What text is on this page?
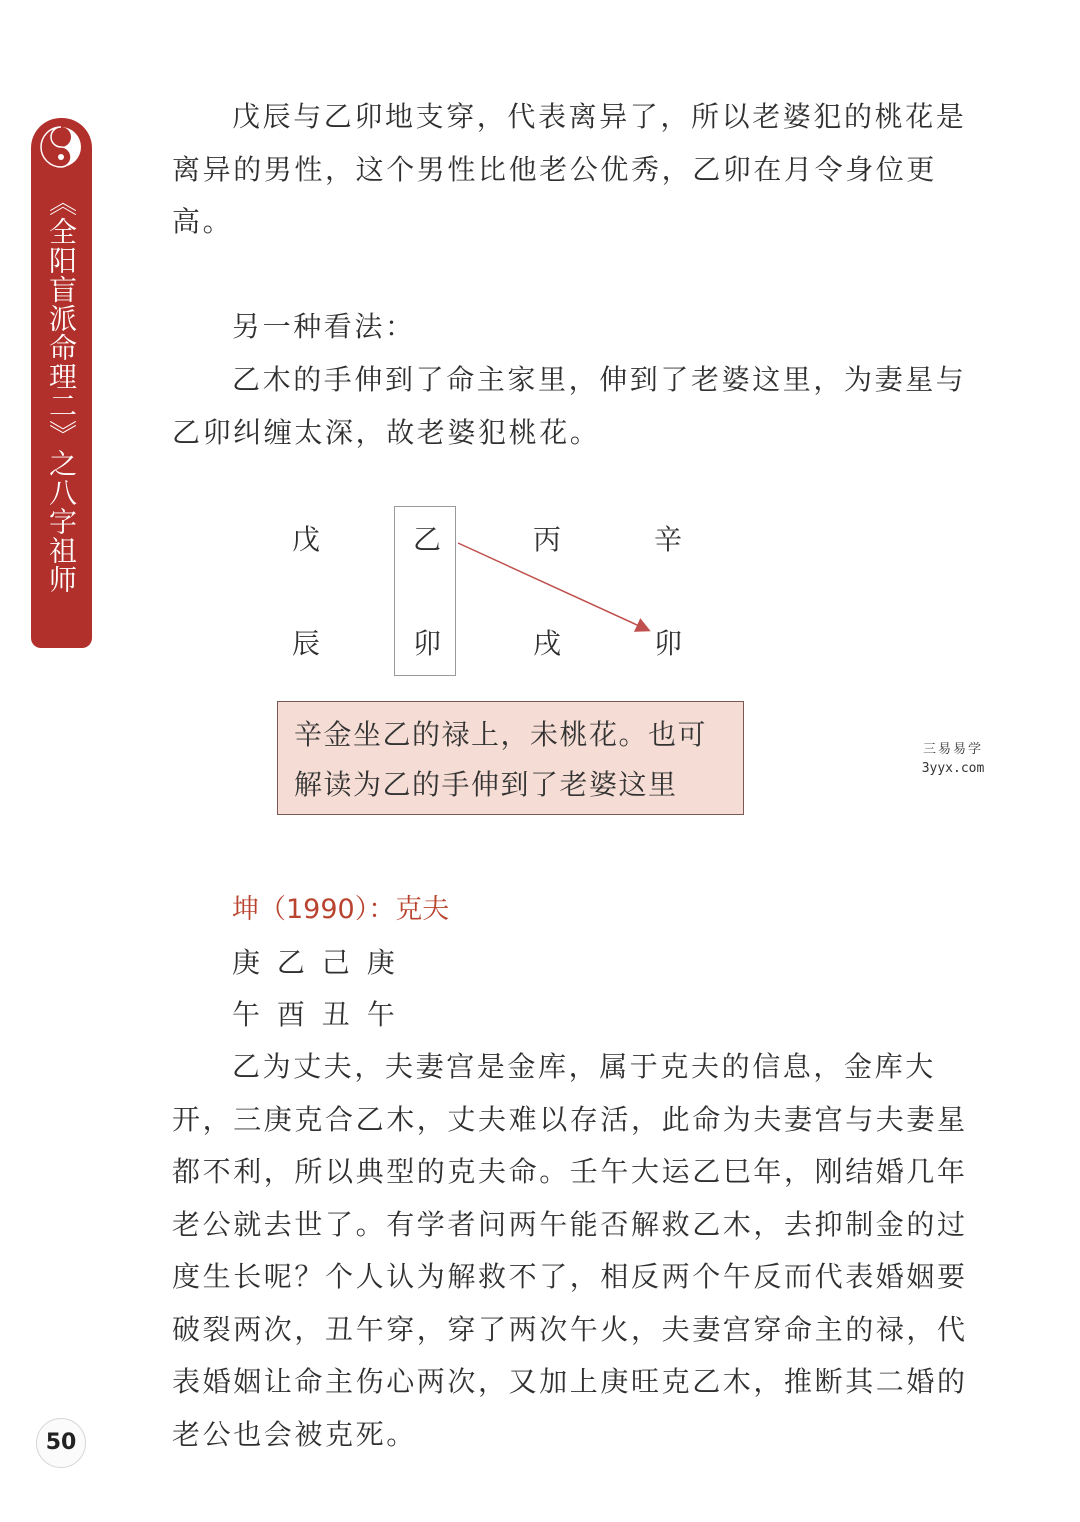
《全阳盲派命理二》之八字祖师

戊辰与乙卯地支穿，代表离异了，所以老婆犯的桃花是离异的男性，这个男性比他老公优秀，乙卯在月令身位更高。

另一种看法：

乙木的手伸到了命主家里，伸到了老婆这里，为妻星与乙卯纠缠太深，故老婆犯桃花。

戊	乙	丙	辛
辰	卯	戌	卯

辛金坐乙的禄上，未桃花。也可

解读为乙的手伸到了老婆这里

三易易学
3yyx.com

坤（1990）：克夫

庚 乙 己 庚

午 酉 丑 午

乙为丈夫，夫妻宫是金库，属于克夫的信息，金库大开，三庚克合乙木，丈夫难以存活，此命为夫妻宫与夫妻星都不利，所以典型的克夫命。壬午大运乙巳年，刚结婚几年老公就去世了。有学者问两午能否解救乙木，去抑制金的过度生长呢？个人认为解救不了，相反两个午反而代表婚姻要破裂两次，丑午穿，穿了两次午火，夫妻宫穿命主的禄，代表婚姻让命主伤心两次，又加上庚旺克乙木，推断其二婚的老公也会被克死。

50
